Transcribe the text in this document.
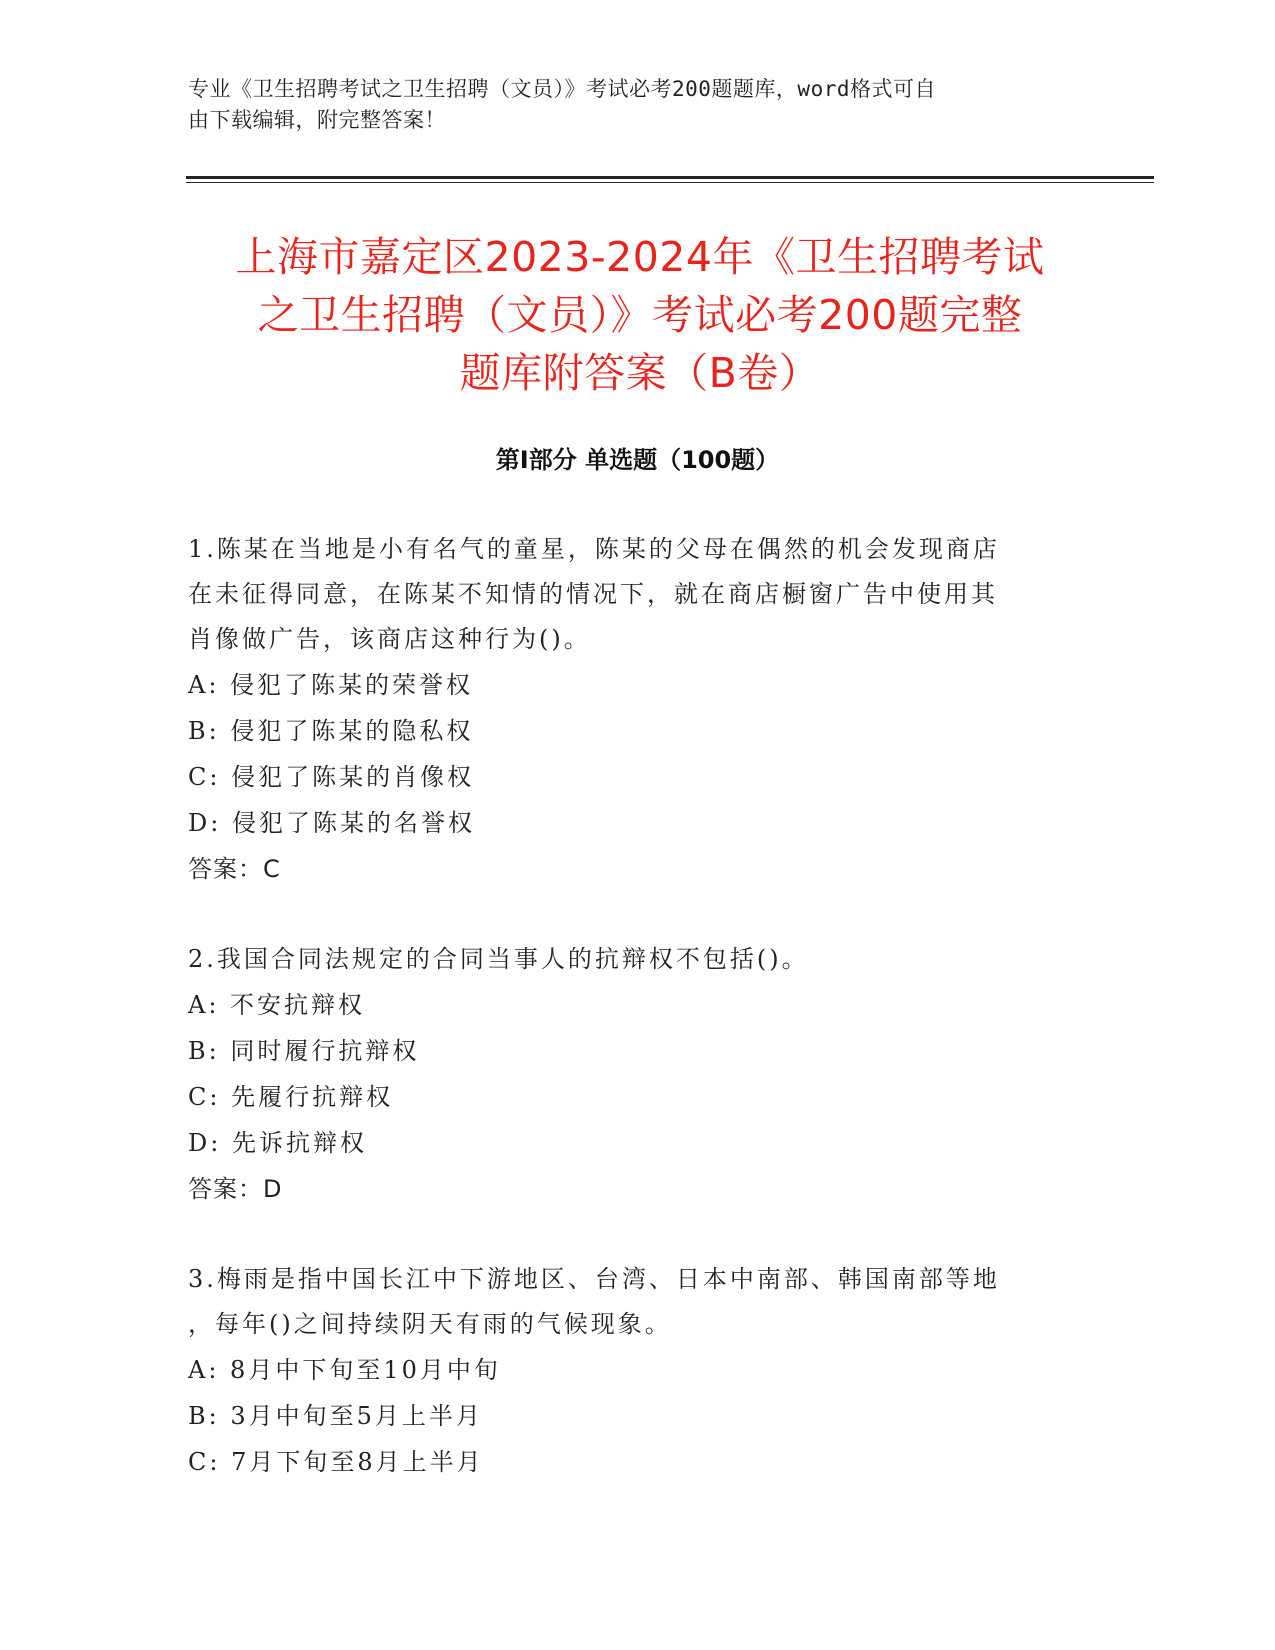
专业《卫生招聘考试之卫生招聘（文员）》考试必考200题题库，word格式可自
由下载编辑，附完整答案！
上海市嘉定区2023-2024年《卫生招聘考试
之卫生招聘（文员）》考试必考200题完整
题库附答案（B卷）
第Ⅰ部分 单选题（100题）

1.陈某在当地是小有名气的童星，陈某的父母在偶然的机会发现商店

在未征得同意，在陈某不知情的情况下，就在商店橱窗广告中使用其

肖像做广告，该商店这种行为()。

A: 侵犯了陈某的荣誉权

B: 侵犯了陈某的隐私权

C: 侵犯了陈某的肖像权

D: 侵犯了陈某的名誉权

答案：C

2.我国合同法规定的合同当事人的抗辩权不包括()。

A: 不安抗辩权

B: 同时履行抗辩权

C: 先履行抗辩权

D: 先诉抗辩权

答案：D

3.梅雨是指中国长江中下游地区、台湾、日本中南部、韩国南部等地

，每年()之间持续阴天有雨的气候现象。

A: 8月中下旬至10月中旬

B: 3月中旬至5月上半月

C: 7月下旬至8月上半月
